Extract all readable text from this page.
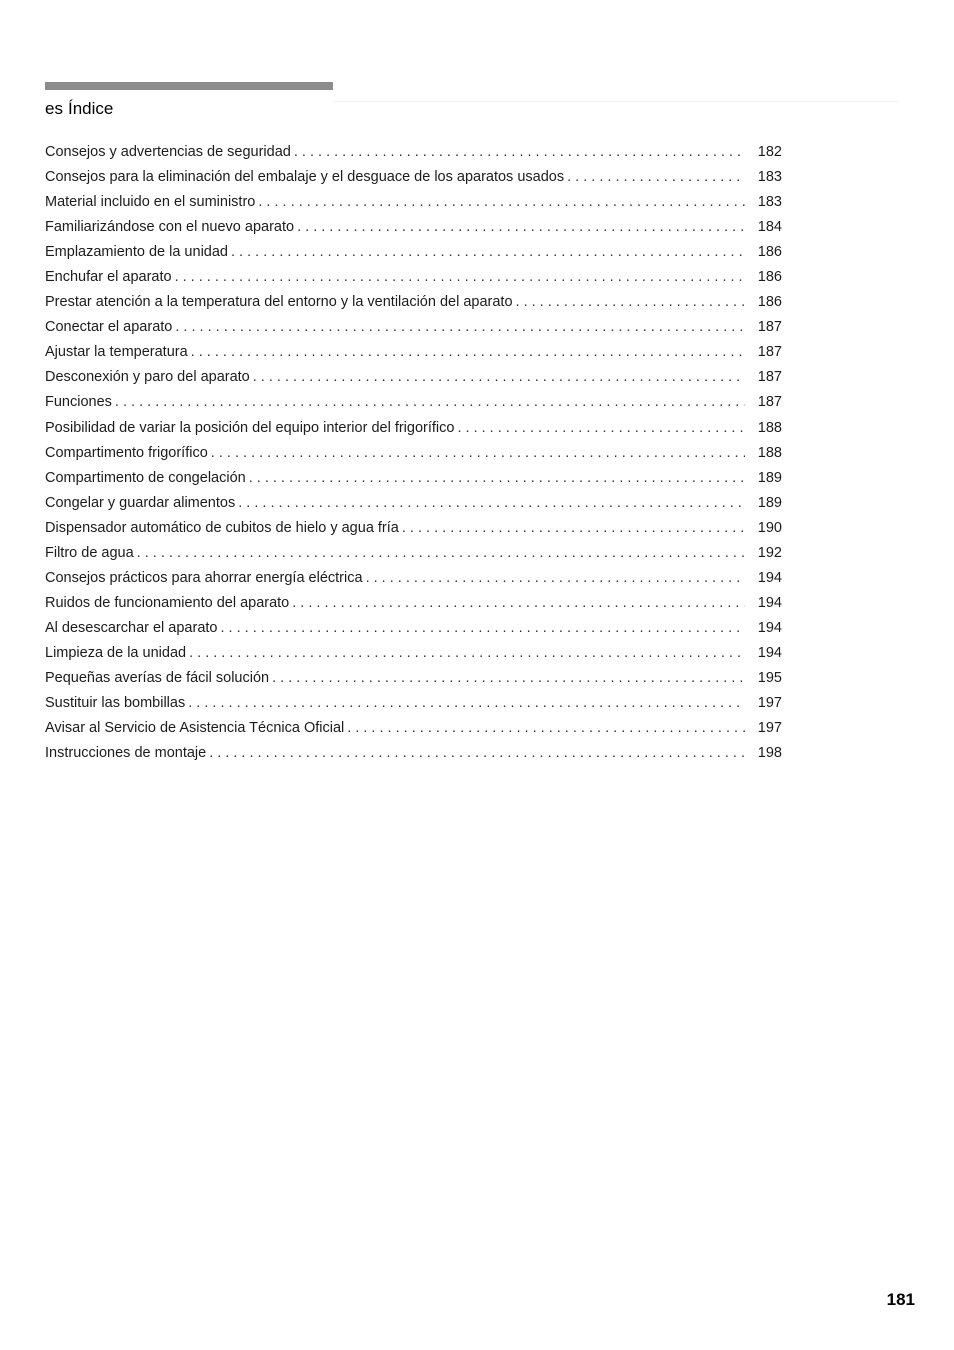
es Índice
Consejos y advertencias de seguridad . . .	182
Consejos para la eliminación del embalaje y el desguace de los aparatos usados . . .	183
Material incluido en el suministro . . .	183
Familiarizándose con el nuevo aparato . . .	184
Emplazamiento de la unidad . . .	186
Enchufar el aparato . . .	186
Prestar atención a la temperatura del entorno y la ventilación del aparato . . .	186
Conectar el aparato . . .	187
Ajustar la temperatura . . .	187
Desconexión y paro del aparato . . .	187
Funciones . . .	187
Posibilidad de variar la posición del equipo interior del frigorífico . . .	188
Compartimento frigorífico . . .	188
Compartimento de congelación . . .	189
Congelar y guardar alimentos . . .	189
Dispensador automático de cubitos de hielo y agua fría . . .	190
Filtro de agua . . .	192
Consejos prácticos para ahorrar energía eléctrica . . .	194
Ruidos de funcionamiento del aparato . . .	194
Al desescarchar el aparato . . .	194
Limpieza de la unidad . . .	194
Pequeñas averías de fácil solución . . .	195
Sustituir las bombillas . . .	197
Avisar al Servicio de Asistencia Técnica Oficial . . .	197
Instrucciones de montaje . . .	198
181
